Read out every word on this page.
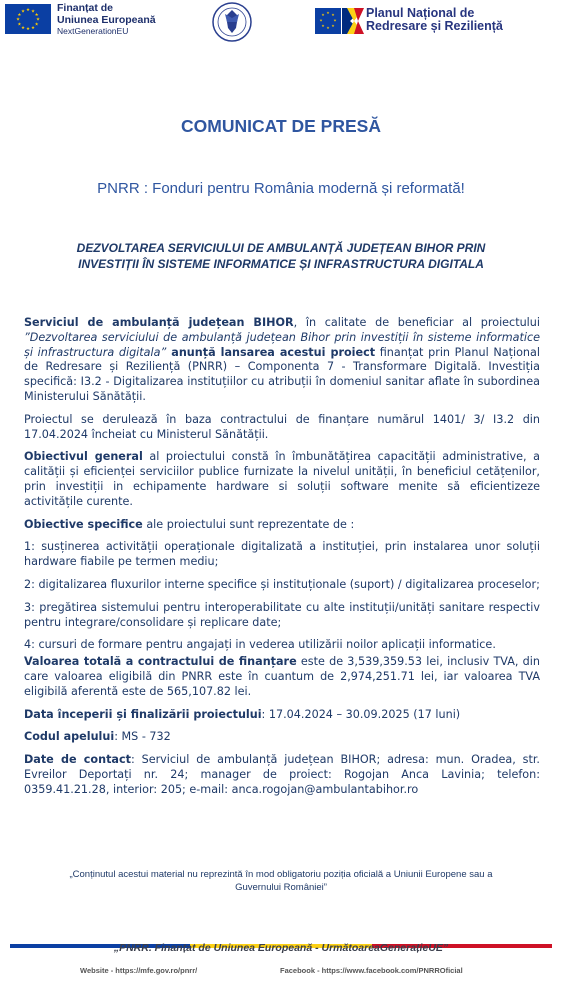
★ ★
★
★
★
★
★
★
★
★
★
★	Finanțat de
Uniunea Europeană
NextGenerationEU
★ ★
★
★
★
★
★
★	Planul Național de
Redresare și Reziliență
COMUNICAT DE PRESĂ
PNRR : Fonduri pentru România modernă și reformată!
DEZVOLTAREA SERVICIULUI DE AMBULANȚĂ JUDEȚEAN BIHOR PRIN
INVESTIȚII ÎN SISTEME INFORMATICE ȘI INFRASTRUCTURA DIGITALA

Serviciul de ambulanță județean BIHOR, în calitate de beneficiar al proiectului ”Dezvoltarea serviciului de ambulanță județean Bihor prin investiții în sisteme informatice și infrastructura digitala” anunță lansarea acestui proiect finanțat prin Planul Național de Redresare și Reziliență (PNRR) – Componenta 7 - Transformare Digitală. Investiția specifică: I3.2 - Digitalizarea instituțiilor cu atribuții în domeniul sanitar aflate în subordinea Ministerului Sănătății.

Proiectul se derulează în baza contractului de finanțare numărul 1401/ 3/ I3.2 din 17.04.2024 încheiat cu Ministerul Sănătății.

Obiectivul general al proiectului constă în îmbunătățirea capacității administrative, a calității și eficienței serviciilor publice furnizate la nivelul unității, în beneficiul cetățenilor, prin investiții in echipamente hardware si soluții software menite să eficientizeze activitățile curente.

Obiective specifice ale proiectului sunt reprezentate de :

1: susținerea activității operaționale digitalizată a instituției, prin instalarea unor soluții hardware fiabile pe termen mediu;

2: digitalizarea fluxurilor interne specifice și instituționale (suport) / digitalizarea proceselor;

3: pregătirea sistemului pentru interoperabilitate cu alte instituții/unități sanitare respectiv pentru integrare/consolidare și replicare date;

4: cursuri de formare pentru angajați in vederea utilizării noilor aplicații informatice.

Valoarea totală a contractului de finanțare este de 3,539,359.53 lei, inclusiv TVA, din care valoarea eligibilă din PNRR este în cuantum de 2,974,251.71 lei, iar valoarea TVA eligibilă aferentă este de 565,107.82 lei.

Data începerii și finalizării proiectului: 17.04.2024 – 30.09.2025 (17 luni)

Codul apelului: MS - 732

Date de contact: Serviciul de ambulanță județean BIHOR; adresa: mun. Oradea, str. Evreilor Deportați nr. 24; manager de proiect: Rogojan Anca Lavinia; telefon: 0359.41.21.28, interior: 205; e-mail: anca.rogojan@ambulantabihor.ro

„Conținutul acestui material nu reprezintă în mod obligatoriu poziția oficială a Uniunii Europene sau a
Guvernului României”
„PNRR. Finanțat de Uniunea Europeană - UrmătoareaGenerațieUE”
Website - https://mfe.gov.ro/pnrr/	Facebook - https://www.facebook.com/PNRROficial
